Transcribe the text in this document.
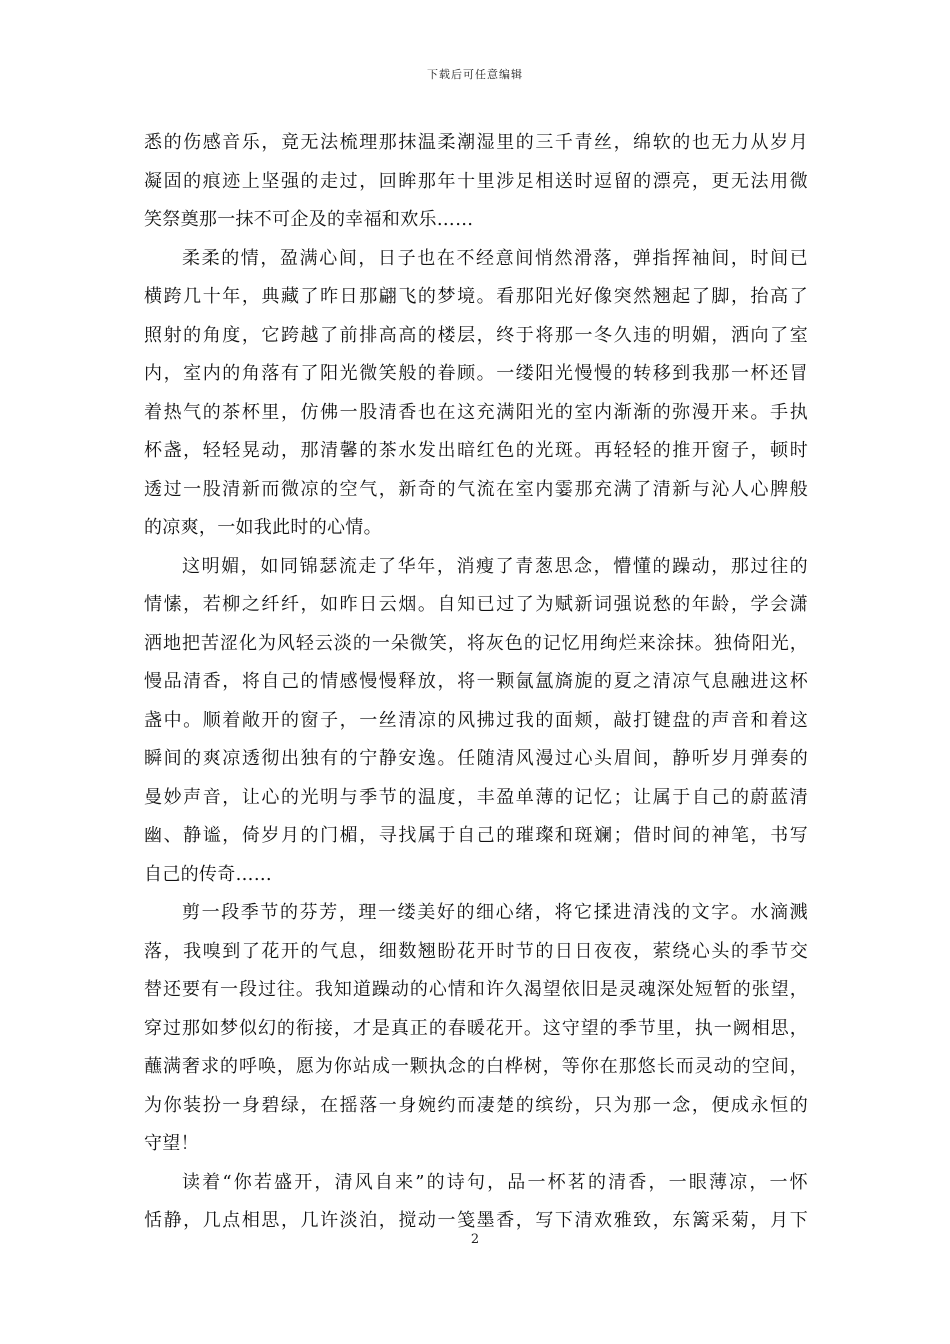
下载后可任意编辑
悉的伤感音乐，竟无法梳理那抹温柔潮湿里的三千青丝，绵软的也无力从岁月
凝固的痕迹上坚强的走过，回眸那年十里涉足相送时逗留的漂亮，更无法用微
笑祭奠那一抹不可企及的幸福和欢乐……
柔柔的情，盈满心间，日子也在不经意间悄然滑落，弹指挥袖间，时间已
横跨几十年，典藏了昨日那翩飞的梦境。看那阳光好像突然翘起了脚，抬高了
照射的角度，它跨越了前排高高的楼层，终于将那一冬久违的明媚，洒向了室
内，室内的角落有了阳光微笑般的眷顾。一缕阳光慢慢的转移到我那一杯还冒
着热气的茶杯里，仿佛一股清香也在这充满阳光的室内渐渐的弥漫开来。手执
杯盏，轻轻晃动，那清馨的茶水发出暗红色的光斑。再轻轻的推开窗子，顿时
透过一股清新而微凉的空气，新奇的气流在室内霎那充满了清新与沁人心脾般
的凉爽，一如我此时的心情。
这明媚，如同锦瑟流走了华年，消瘦了青葱思念，懵懂的躁动，那过往的
情愫，若柳之纤纤，如昨日云烟。自知已过了为赋新词强说愁的年龄，学会潇
洒地把苦涩化为风轻云淡的一朵微笑，将灰色的记忆用绚烂来涂抹。独倚阳光，
慢品清香，将自己的情感慢慢释放，将一颗氤氲旖旎的夏之清凉气息融进这杯
盏中。顺着敞开的窗子，一丝清凉的风拂过我的面颊，敲打键盘的声音和着这
瞬间的爽凉透彻出独有的宁静安逸。任随清风漫过心头眉间，静听岁月弹奏的
曼妙声音，让心的光明与季节的温度，丰盈单薄的记忆；让属于自己的蔚蓝清
幽、静谧，倚岁月的门楣，寻找属于自己的璀璨和斑斓；借时间的神笔，书写
自己的传奇……
剪一段季节的芬芳，理一缕美好的细心绪，将它揉进清浅的文字。水滴溅
落，我嗅到了花开的气息，细数翘盼花开时节的日日夜夜，萦绕心头的季节交
替还要有一段过往。我知道躁动的心情和许久渴望依旧是灵魂深处短暂的张望，
穿过那如梦似幻的衔接，才是真正的春暖花开。这守望的季节里，执一阙相思，
蘸满奢求的呼唤，愿为你站成一颗执念的白桦树，等你在那悠长而灵动的空间，
为你装扮一身碧绿，在摇落一身婉约而凄楚的缤纷，只为那一念，便成永恒的
守望！
读着“你若盛开，清风自来”的诗句，品一杯茗的清香，一眼薄凉，一怀
恬静，几点相思，几许淡泊，搅动一笺墨香，写下清欢雅致，东篱采菊，月下
2
